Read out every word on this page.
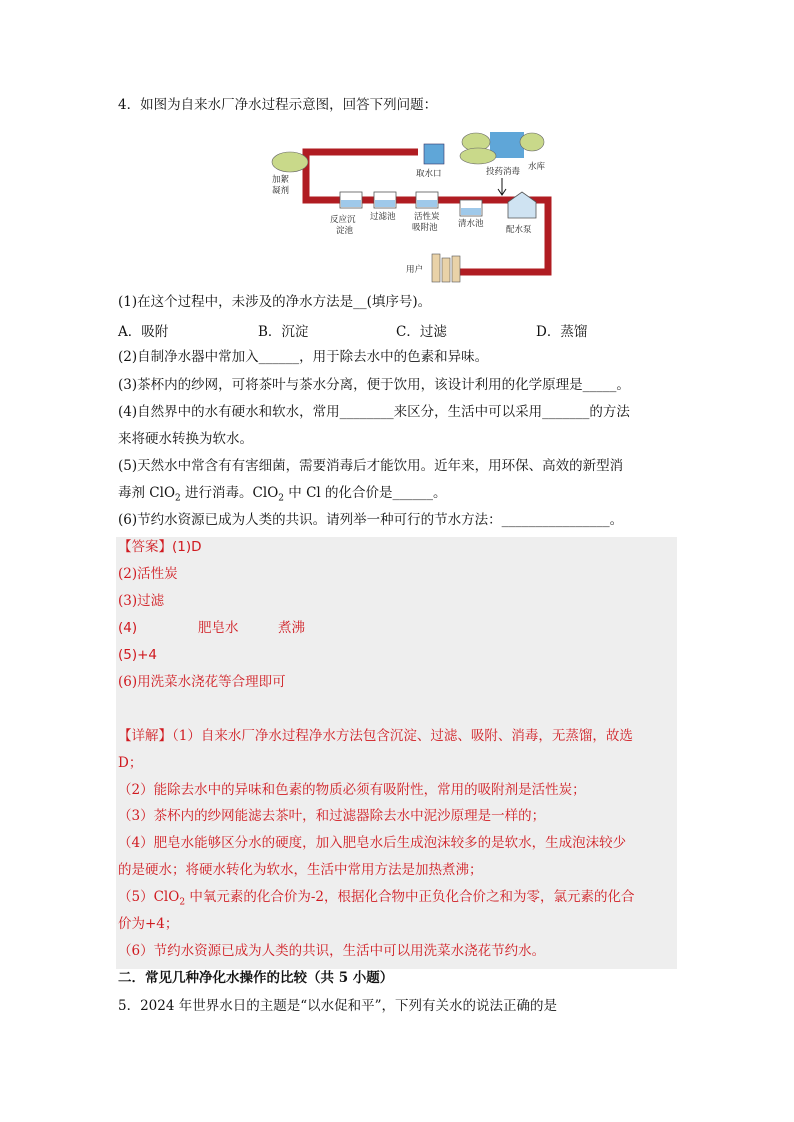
4．如图为自来水厂净水过程示意图，回答下列问题：
水库
取水口
加絮
凝剂
投药消毒
反应沉
淀池
过滤池 活性炭
吸附池 清水池
配水泵
用户
(1)在这个过程中，未涉及的净水方法是__(填序号)。
A．吸附	B．沉淀	C．过滤	D．蒸馏
(2)自制净水器中常加入______，用于除去水中的色素和异味。
(3)茶杯内的纱网，可将茶叶与茶水分离，便于饮用，该设计利用的化学原理是_____。
(4)自然界中的水有硬水和软水，常用________来区分，生活中可以采用_______的方法
来将硬水转换为软水。
(5)天然水中常含有有害细菌，需要消毒后才能饮用。近年来，用环保、高效的新型消
毒剂 ClO$_2$ 进行消毒。ClO$_2$ 中 Cl 的化合价是______。
(6)节约水资源已成为人类的共识。请列举一种可行的节水方法：________________。
【答案】(1)D
(2)活性炭
(3)过滤
(4)	肥皂水	煮沸
(5)+4
(6)用洗菜水浇花等合理即可
【详解】（1）自来水厂净水过程净水方法包含沉淀、过滤、吸附、消毒，无蒸馏，故选
D；
（2）能除去水中的异味和色素的物质必须有吸附性，常用的吸附剂是活性炭；
（3）茶杯内的纱网能滤去茶叶，和过滤器除去水中泥沙原理是一样的；
（4）肥皂水能够区分水的硬度，加入肥皂水后生成泡沫较多的是软水，生成泡沫较少
的是硬水；将硬水转化为软水，生活中常用方法是加热煮沸；
（5）ClO$_2$ 中氧元素的化合价为-2，根据化合物中正负化合价之和为零，氯元素的化合
价为+4；
（6）节约水资源已成为人类的共识，生活中可以用洗菜水浇花节约水。
二．常见几种净化水操作的比较（共 5 小题）
5．2024 年世界水日的主题是“以水促和平”，下列有关水的说法正确的是
